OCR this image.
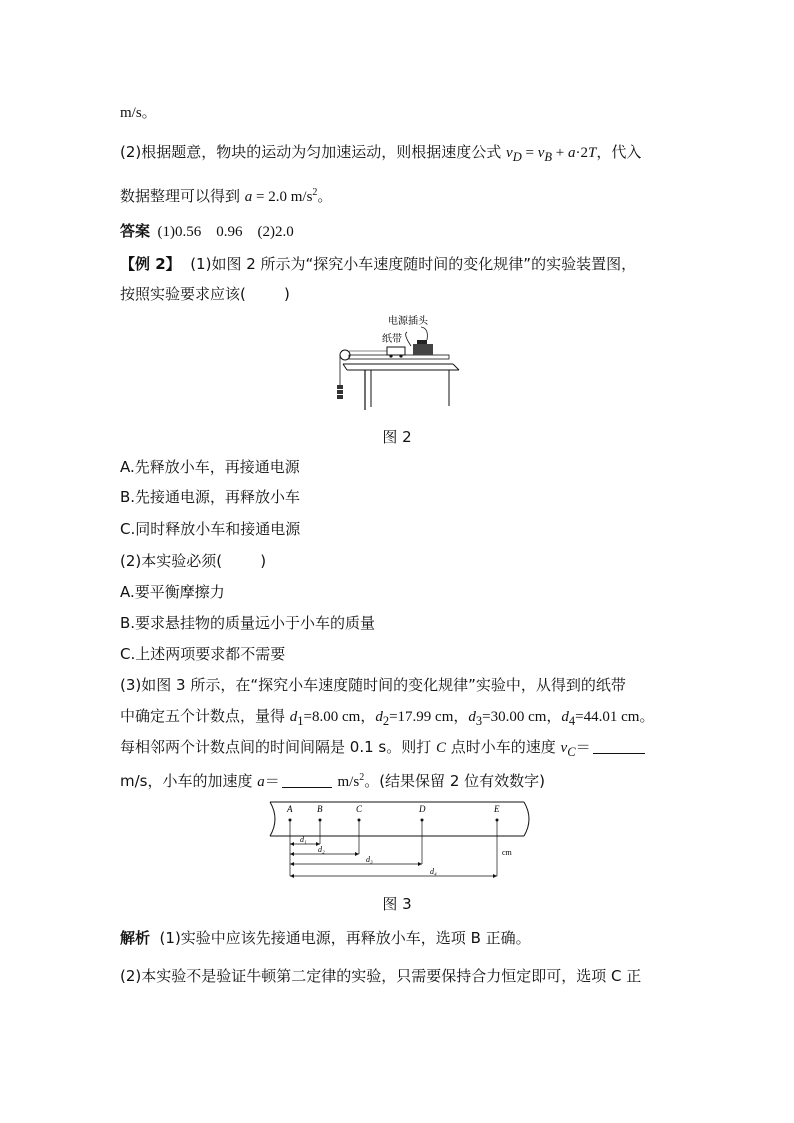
m/s。
(2)根据题意，物块的运动为匀加速运动，则根据速度公式 $v_D = v_B + a\cdot 2T$，代入
数据整理可以得到 a = 2.0 $m/s^2$。
答案  (1)0.56    0.96    (2)2.0
【例 2】  (1)如图 2 所示为“探究小车速度随时间的变化规律”的实验装置图，
按照实验要求应该(        )
电源插头
纸带
图 2
A.先释放小车，再接通电源
B.先接通电源，再释放小车
C.同时释放小车和接通电源
(2)本实验必须(        )
A.要平衡摩擦力
B.要求悬挂物的质量远小于小车的质量
C.上述两项要求都不需要
(3)如图 3 所示，在“探究小车速度随时间的变化规律”实验中，从得到的纸带
中确定五个计数点，量得 $d_1=8.00$ cm，$d_2=17.99$ cm，$d_3=30.00$ cm，$d_4=44.01$ cm。
每相邻两个计数点间的时间间隔是 0.1 s。则打 C 点时小车的速度 $v_C=$
m/s，小车的加速度 a＝	$m/s^2$。(结果保留 2 位有效数字)
A	B	C	D	E
d₁
d₂
d₃
d₄
cm
图 3
解析  (1)实验中应该先接通电源，再释放小车，选项 B 正确。
(2)本实验不是验证牛顿第二定律的实验，只需要保持合力恒定即可，选项 C 正
